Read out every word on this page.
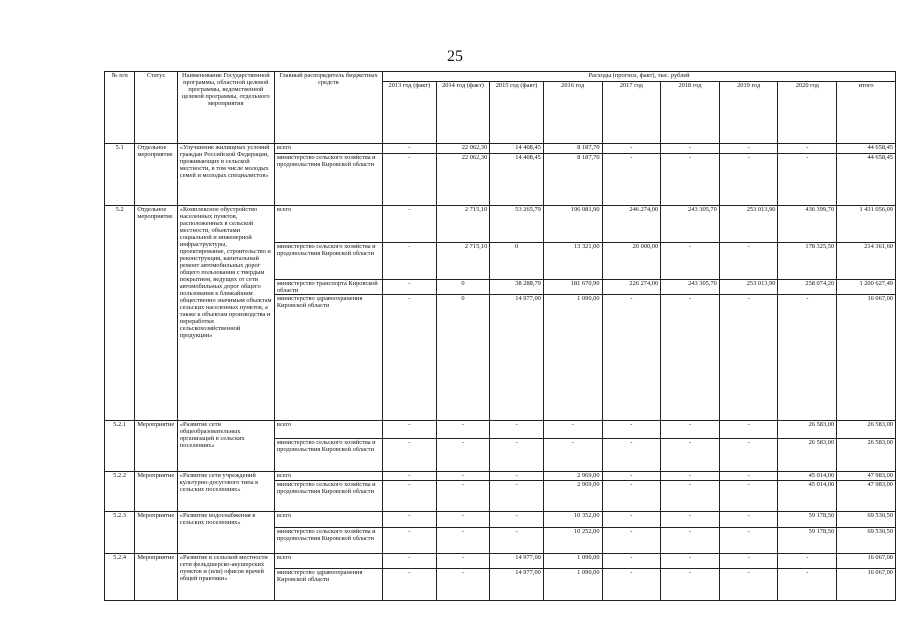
25
№ п/п	Статус	Наименование Государственной программы, областной целевой программы, ведомственной целевой программы, отдельного мероприятия	Главный распорядитель бюджетных средств	Расходы (прогноз, факт), тыс. рублей								
				2013 год (факт)	2014 год (факт)	2015 год (факт)	2016 год	2017 год	2018 год	2019 год	2020 год	итого
5.1	Отдельное мероприятие	«Улучшение жилищных условий граждан Российской Федерации, проживающих в сельской местности, в том числе молодых семей и молодых специалистов»	всего	-	22 062,30	14 408,45	8 187,70	-	-	-	-	44 658,45
			министерство сельского хозяйства и продовольствия Кировской области	-	22 062,30	14 408,45	8 187,70	-	-	-	-	44 658,45
5.2	Отдельное мероприятие	«Комплексное обустройство населенных пунктов, расположенных в сельской местности, объектами социальной и инженерной инфраструктуры, проектирование, строительство и реконструкция, капитальный ремонт автомобильных дорог общего пользования с твердым покрытием, ведущих от сети автомобильных дорог общего пользования к ближайшим общественно значимым объектам сельских населенных пунктов, а также к объектам производства и переработки сельскохозяйственной продукции»	всего	-	2 715,10	53 265,79	196 081,90	246 274,00	243 305,70	253 013,90	436 399,70	1 431 056,09
			министерство сельского хозяйства и продовольствия Кировской области	-	2 715,10	0	13 321,00	20 000,00	-	-	178 325,50	214 361,60
			министерство транспорта Кировской области	-	0	38 288,79	181 670,90	226 274,00	243 305,70	253 013,90	258 074,20	1 200 627,49
			министерство здравоохранения Кировской области	-	0	14 977,00	1 090,00	-	-	-	-	16 067,00
5.2.1	Мероприятие	«Развитие сети общеобразовательных организаций в сельских поселениях»	всего	-	-	-	-	-	-	-	26 583,00	26 583,00
			министерство сельского хозяйства и продовольствия Кировской области	-	-	-	-	-	-	-	26 583,00	26 583,00
5.2.2	Мероприятие	«Развитие сети учреждений культурно-досугового типа в сельских поселениях»	всего	-	-	-	2 969,00	-	-	-	45 014,00	47 983,00
			министерство сельского хозяйства и продовольствия Кировской области	-	-	-	2 969,00	-	-	-	45 014,00	47 983,00
5.2.3	Мероприятие	«Развитие водоснабжения в сельских поселениях»	всего	-	-	-	10 352,00	-	-	-	59 178,50	69 530,50
			министерство сельского хозяйства и продовольствия Кировской области	-	-	-	10 252,00	-	-	-	59 178,50	69 530,50
5.2.4	Мероприятие	«Развитие в сельской местности сети фельдшерско-акушерских пунктов и (или) офисов врачей общей практики»	всего	-	-	14 977,00	1 090,00	-	-	-	-	16 067,00
			министерство здравоохранения Кировской области	-	-	14 977,00	1 090,00	-	-	-	-	16 067,00
